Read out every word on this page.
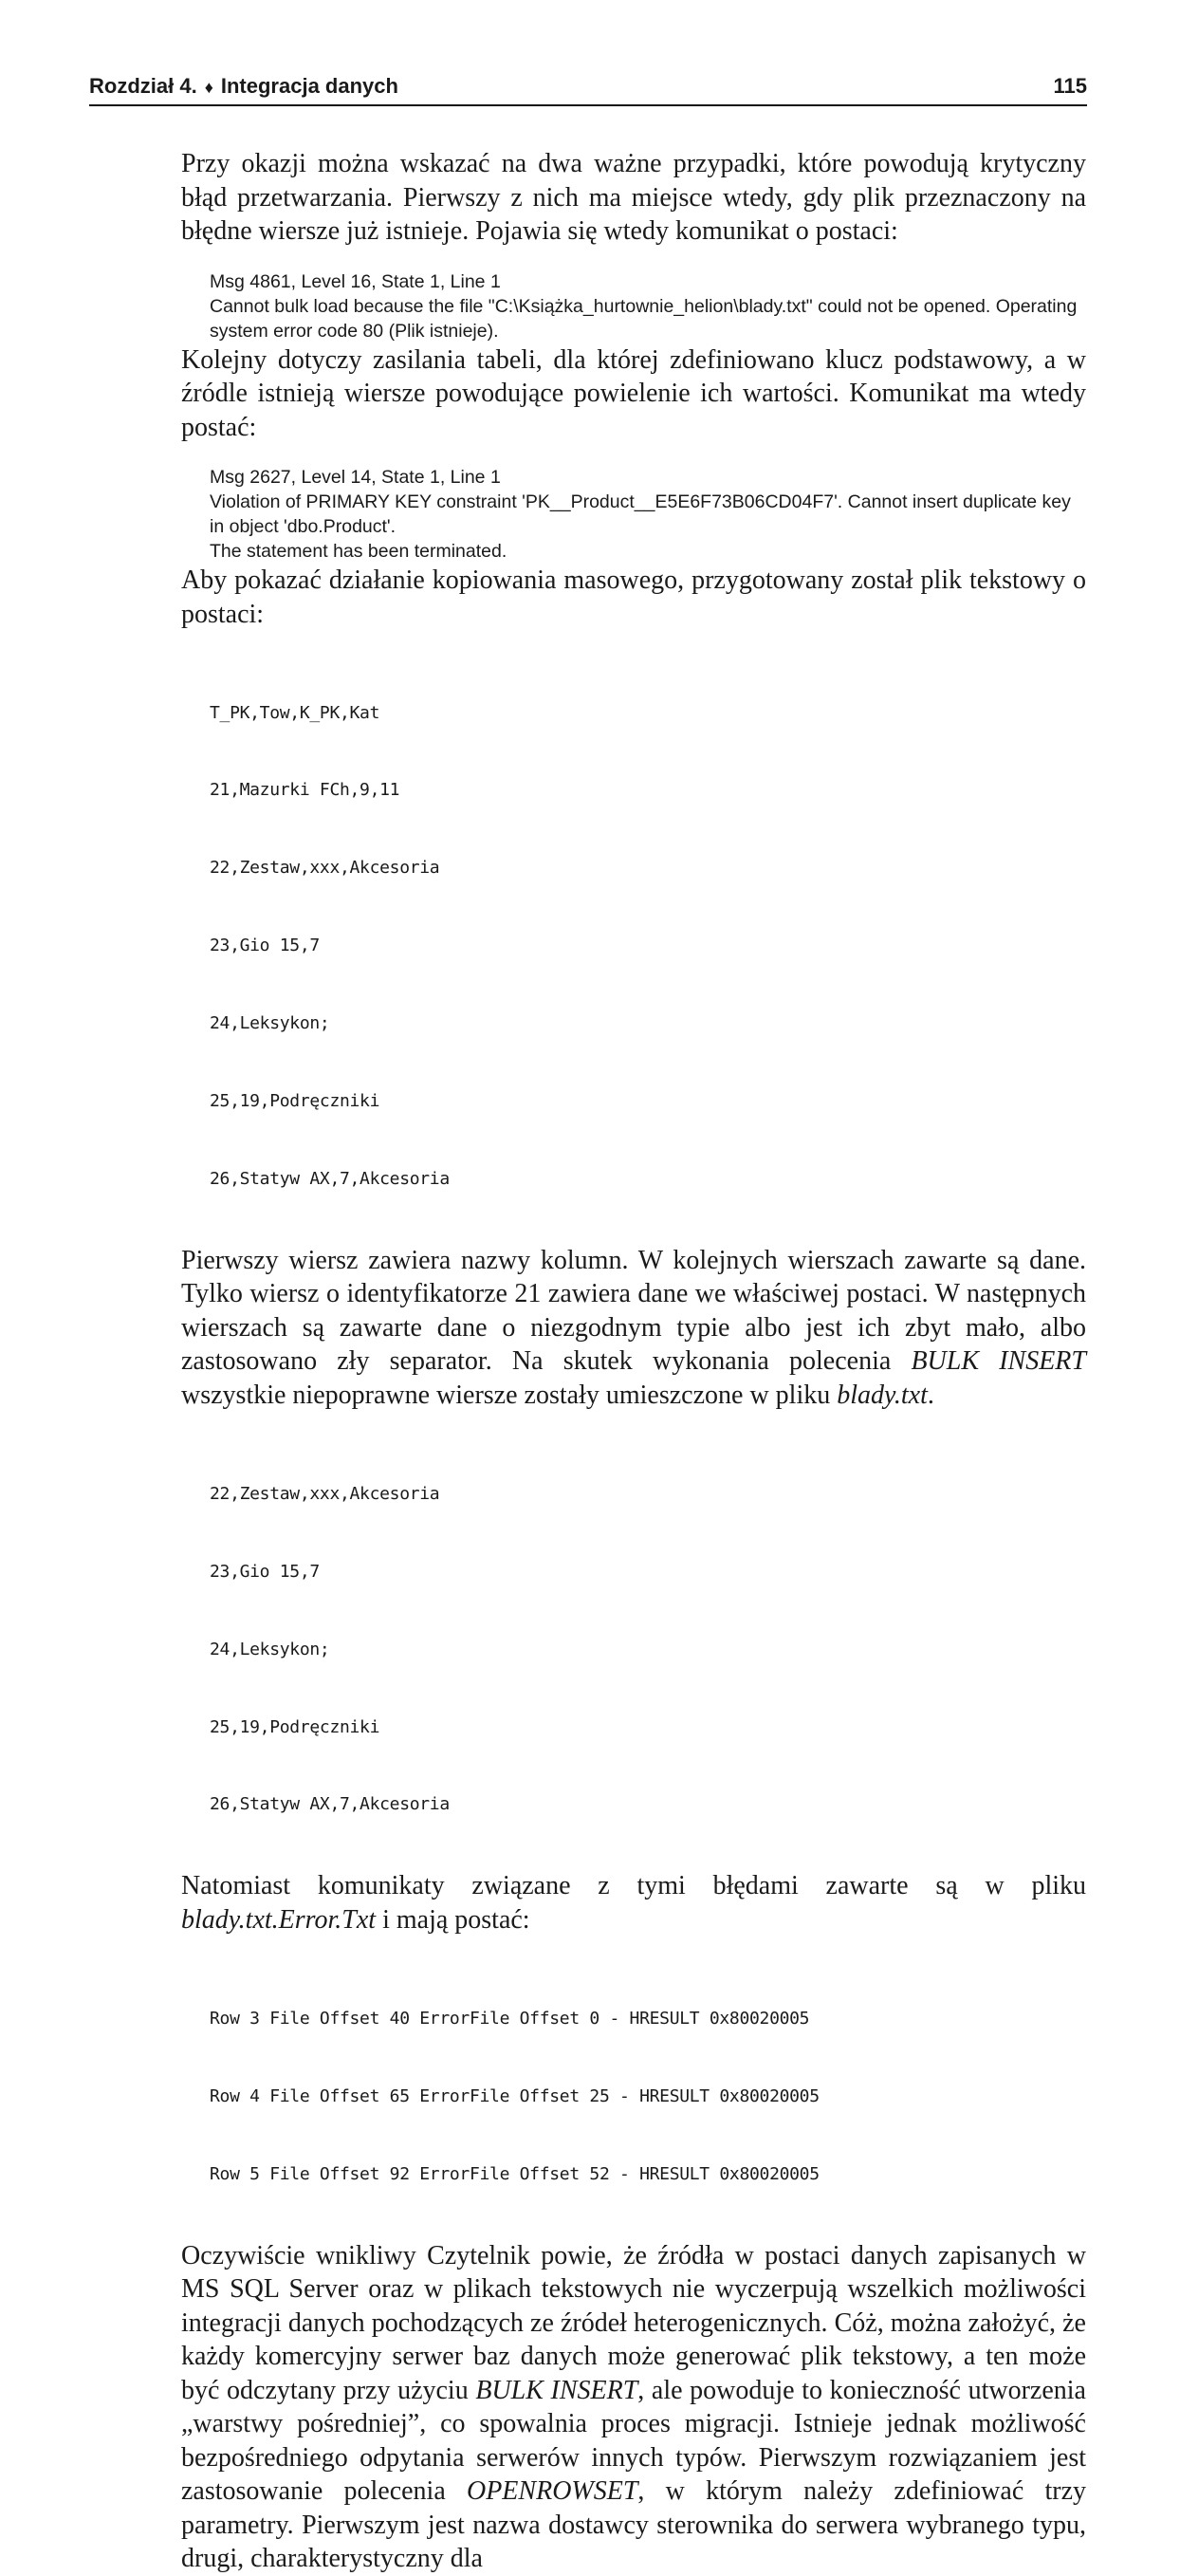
Rozdział 4. ♦ Integracja danych	115

Przy okazji można wskazać na dwa ważne przypadki, które powodują krytyczny błąd przetwarzania. Pierwszy z nich ma miejsce wtedy, gdy plik przeznaczony na błędne wiersze już istnieje. Pojawia się wtedy komunikat o postaci:

Msg 4861, Level 16, State 1, Line 1
Cannot bulk load because the file "C:\Książka_hurtownie_helion\blady.txt" could not be opened. Operating system error code 80 (Plik istnieje).

Kolejny dotyczy zasilania tabeli, dla której zdefiniowano klucz podstawowy, a w źródle istnieją wiersze powodujące powielenie ich wartości. Komunikat ma wtedy postać:

Msg 2627, Level 14, State 1, Line 1
Violation of PRIMARY KEY constraint 'PK__Product__E5E6F73B06CD04F7'. Cannot insert duplicate key in object 'dbo.Product'.
The statement has been terminated.

Aby pokazać działanie kopiowania masowego, przygotowany został plik tekstowy o postaci:

T_PK,Tow,K_PK,Kat

21,Mazurki FCh,9,11

22,Zestaw,xxx,Akcesoria

23,Gio 15,7

24,Leksykon;

25,19,Podręczniki

26,Statyw AX,7,Akcesoria

Pierwszy wiersz zawiera nazwy kolumn. W kolejnych wierszach zawarte są dane. Tylko wiersz o identyfikatorze 21 zawiera dane we właściwej postaci. W następnych wierszach są zawarte dane o niezgodnym typie albo jest ich zbyt mało, albo zastosowano zły separator. Na skutek wykonania polecenia BULK INSERT wszystkie niepoprawne wiersze zostały umieszczone w pliku blady.txt.

22,Zestaw,xxx,Akcesoria

23,Gio 15,7

24,Leksykon;

25,19,Podręczniki

26,Statyw AX,7,Akcesoria

Natomiast komunikaty związane z tymi błędami zawarte są w pliku blady.txt.Error.Txt i mają postać:

Row 3 File Offset 40 ErrorFile Offset 0 - HRESULT 0x80020005

Row 4 File Offset 65 ErrorFile Offset 25 - HRESULT 0x80020005

Row 5 File Offset 92 ErrorFile Offset 52 - HRESULT 0x80020005

Oczywiście wnikliwy Czytelnik powie, że źródła w postaci danych zapisanych w MS SQL Server oraz w plikach tekstowych nie wyczerpują wszelkich możliwości integracji danych pochodzących ze źródeł heterogenicznych. Cóż, można założyć, że każdy komercyjny serwer baz danych może generować plik tekstowy, a ten może być odczytany przy użyciu BULK INSERT, ale powoduje to konieczność utworzenia „warstwy pośredniej”, co spowalnia proces migracji. Istnieje jednak możliwość bezpośredniego odpytania serwerów innych typów. Pierwszym rozwiązaniem jest zastosowanie polecenia OPENROWSET, w którym należy zdefiniować trzy parametry. Pierwszym jest nazwa dostawcy sterownika do serwera wybranego typu, drugi, charakterystyczny dla
